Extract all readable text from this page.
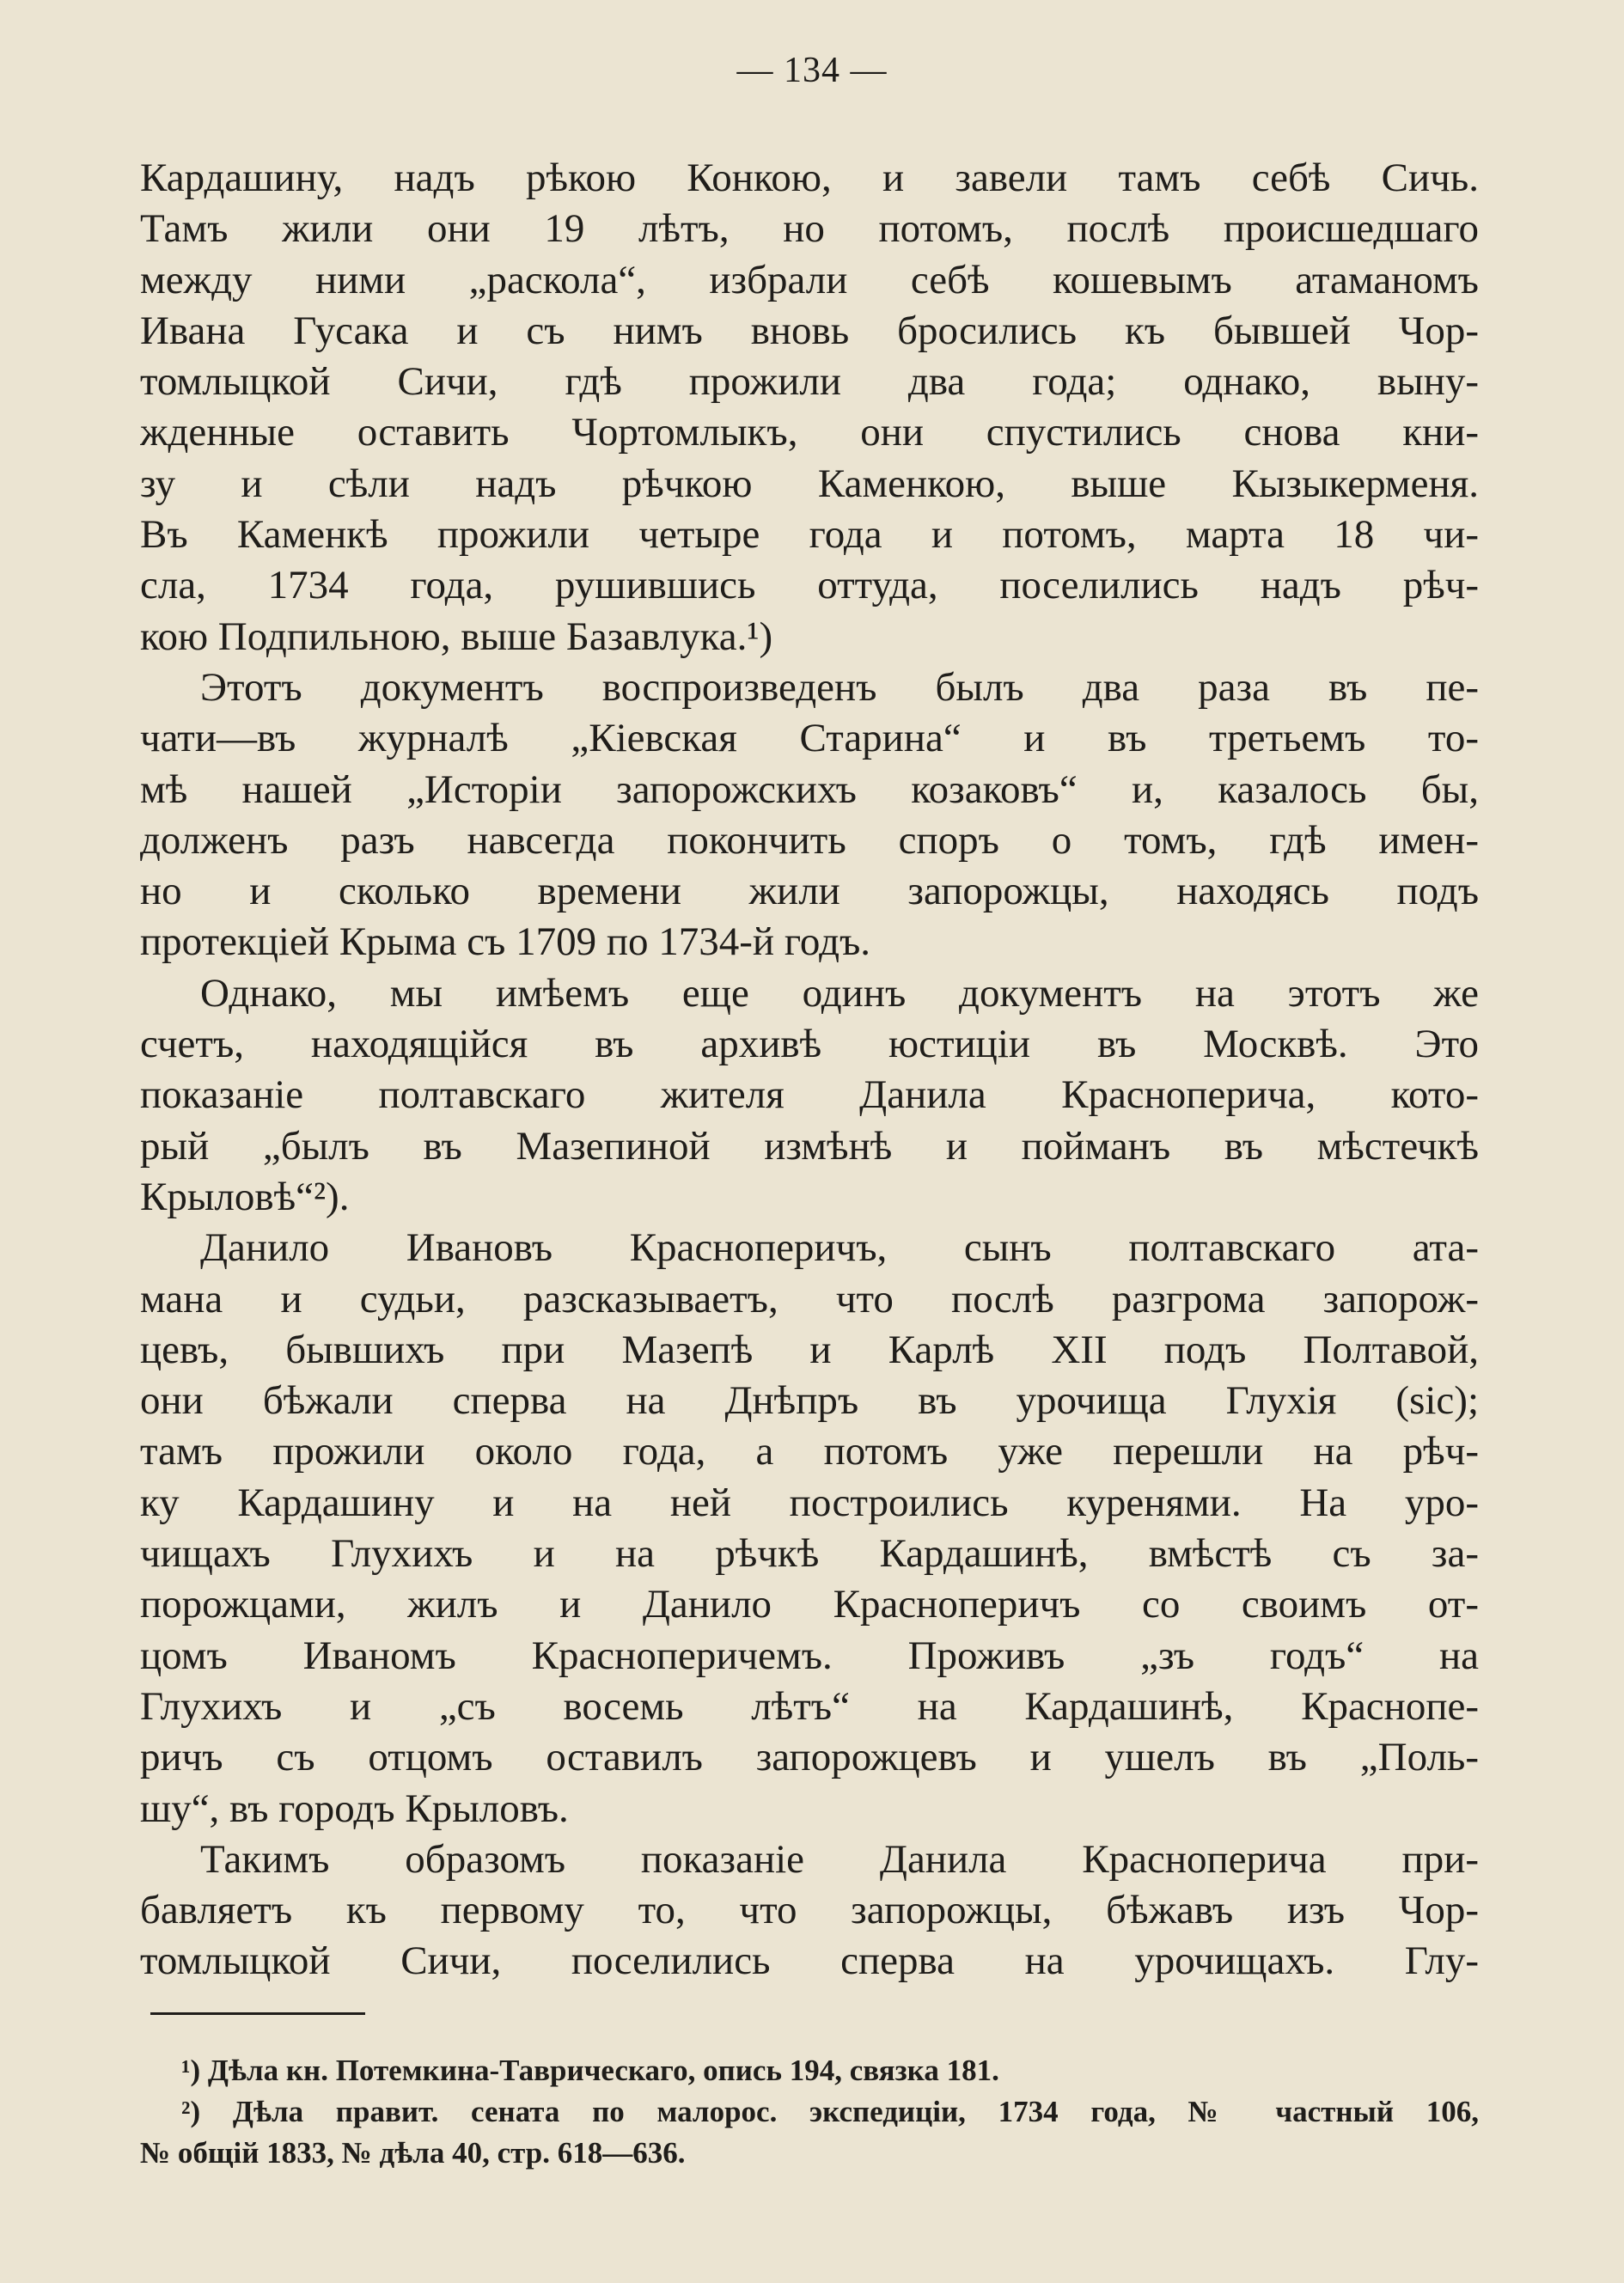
— 134 —
Кардашину, надъ рѣкою Конкою, и завели тамъ себѣ Сичь.
Тамъ жили они 19 лѣтъ, но потомъ, послѣ происшедшаго
между ними „раскола“, избрали себѣ кошевымъ атаманомъ
Ивана Гусака и съ нимъ вновь бросились къ бывшей Чор-
томлыцкой Сичи, гдѣ прожили два года; однако, выну-
жденные оставить Чортомлыкъ, они спустились снова кни-
зу и сѣли надъ рѣчкою Каменкою, выше Кызыкерменя.
Въ Каменкѣ прожили четыре года и потомъ, марта 18 чи-
сла, 1734 года, рушившись оттуда, поселились надъ рѣч-
кою Подпильною, выше Базавлука.¹)
Этотъ документъ воспроизведенъ былъ два раза въ пе-
чати—въ журналѣ „Кіевская Старина“ и въ третьемъ то-
мѣ нашей „Исторіи запорожскихъ козаковъ“ и, казалось бы,
долженъ разъ навсегда покончить споръ о томъ, гдѣ имен-
но и сколько времени жили запорожцы, находясь подъ
протекціей Крыма съ 1709 по 1734-й годъ.
Однако, мы имѣемъ еще одинъ документъ на этотъ же
счетъ, находящійся въ архивѣ юстиціи въ Москвѣ. Это
показаніе полтавскаго жителя Данила Красноперича, кото-
рый „былъ въ Мазепиной измѣнѣ и пойманъ въ мѣстечкѣ
Крыловѣ“²).
Данило Ивановъ Красноперичъ, сынъ полтавскаго ата-
мана и судьи, разсказываетъ, что послѣ разгрома запорож-
цевъ, бывшихъ при Мазепѣ и Карлѣ XII подъ Полтавой,
они бѣжали сперва на Днѣпръ въ урочища Глухія (sic);
тамъ прожили около года, а потомъ уже перешли на рѣч-
ку Кардашину и на ней построились куренями. На уро-
чищахъ Глухихъ и на рѣчкѣ Кардашинѣ, вмѣстѣ съ за-
порожцами, жилъ и Данило Красноперичъ со своимъ от-
цомъ Иваномъ Красноперичемъ. Проживъ „зъ годъ“ на
Глухихъ и „съ восемь лѣтъ“ на Кардашинѣ, Краснопе-
ричъ съ отцомъ оставилъ запорожцевъ и ушелъ въ „Поль-
шу“, въ городъ Крыловъ.
Такимъ образомъ показаніе Данила Красноперича при-
бавляетъ къ первому то, что запорожцы, бѣжавъ изъ Чор-
томлыцкой Сичи, поселились сперва на урочищахъ. Глу-
¹) Дѣла кн. Потемкина-Таврическаго, опись 194, связка 181.
²) Дѣла правит. сената по малорос. экспедиціи, 1734 года, № частный 106,
№ общій 1833, № дѣла 40, стр. 618—636.
